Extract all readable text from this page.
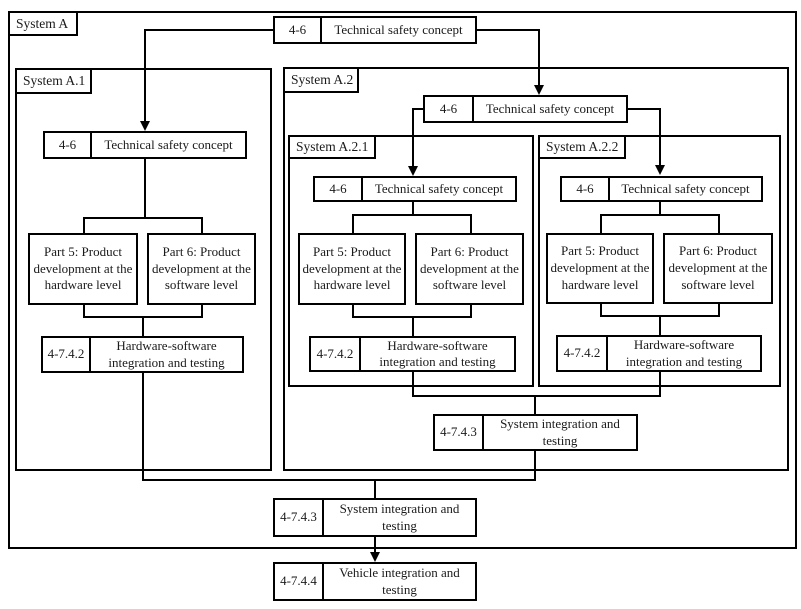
System A
System A.1	System A.2
System A.2.1	System A.2.2
4-6	Technical safety concept
4-6	Technical safety concept
4-6	Technical safety concept
4-6	Technical safety concept	4-6	Technical safety concept
Part 5: Product development at the hardware level
Part 6: Product development at the software level
Part 5: Product development at the hardware level
Part 6: Product development at the software level
Part 5: Product development at the hardware level
Part 6: Product development at the software level
4-7.4.2
Hardware-software integration and testing
4-7.4.2
Hardware-software integration and testing
4-7.4.2
Hardware-software integration and testing
4-7.4.3
System integration and testing
4-7.4.3
System integration and testing
4-7.4.4
Vehicle integration and testing
